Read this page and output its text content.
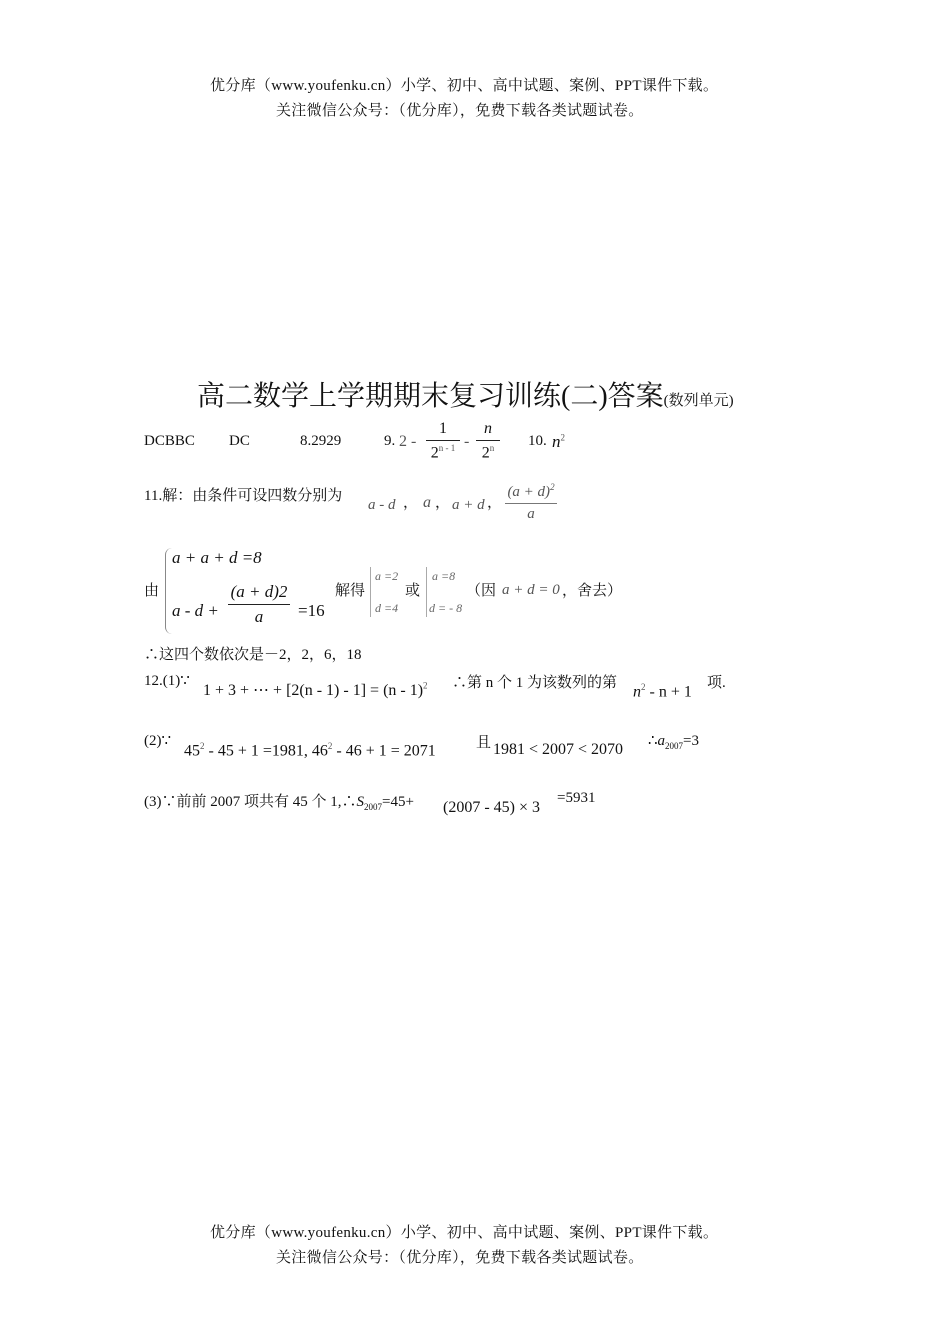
优分库（www.youfenku.cn）小学、初中、高中试题、案例、PPT课件下载。
关注微信公众号：（优分库），免费下载各类试题试卷。
高二数学上学期期末复习训练(二)答案(数列单元)
DCBBC DC	8.2929	9. 2 -
1
2$^{n - 1}$ -
n
2$^n$	10. $n^2$
11.解：由条件可设四数分别为
a - d ， a ， a + d ，
$(a + d)^2$
a
由
a + a + d =8
a - d +
(a + d)2
a	=16
解得
a =2
d =4
或
a =8
d = - 8
（因 a + d = 0 ，舍去）
∴这四个数依次是－2，2，6，18
12.(1)∵
1 + 3 + ⋯ + [2(n - 1) - 1] = (n - 1)$^2$ ∴第 n 个 1 为该数列的第
$n^2 - n + 1$
项.
(2)∵
$45^2 - 45 + 1 =1981$, $46^2 - 46 + 1 = 2071$	且 1981 < 2007 < 2070 $\therefore a_{2007}=3$
(3)∵前前 2007 项共有 45 个 $1,\therefore S_{2007}=45+ (2007 - 45) \times 3$
=5931
优分库（www.youfenku.cn）小学、初中、高中试题、案例、PPT课件下载。
关注微信公众号：（优分库），免费下载各类试题试卷。
